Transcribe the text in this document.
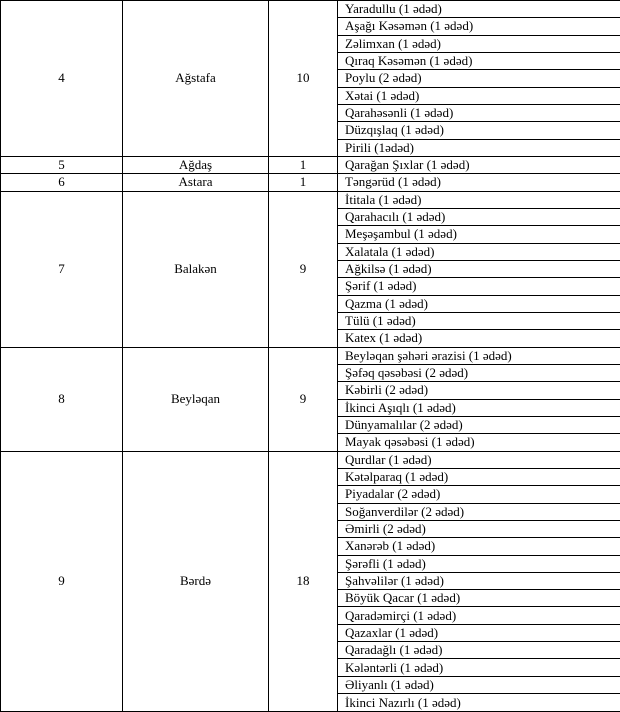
4	Ağstafa	10	Yaradullu (1 ədəd)
			Aşağı Kəsəmən (1 ədəd)
			Zəlimxan (1 ədəd)
			Qıraq Kəsəmən (1 ədəd)
			Poylu (2 ədəd)
			Xətai (1 ədəd)
			Qarahəsənli (1 ədəd)
			Düzqışlaq (1 ədəd)
			Pirili (1ədəd)
5	Ağdaş	1	Qarağan Şıxlar (1 ədəd)
6	Astara	1	Təngərüd (1 ədəd)
7	Balakən	9	İtitala (1 ədəd)
			Qarahacılı (1 ədəd)
			Meşəşambul (1 ədəd)
			Xalatala (1 ədəd)
			Ağkilsə (1 ədəd)
			Şərif (1 ədəd)
			Qazma (1 ədəd)
			Tülü (1 ədəd)
			Katex (1 ədəd)
8	Beyləqan	9	Beyləqan şəhəri ərazisi (1 ədəd)
			Şəfəq qəsəbəsi (2 ədəd)
			Kəbirli (2 ədəd)
			İkinci Aşıqlı (1 ədəd)
			Dünyamalılar (2 ədəd)
			Mayak qəsəbəsi (1 ədəd)
9	Bərdə	18	Qurdlar (1 ədəd)
			Kətəlparaq (1 ədəd)
			Piyadalar (2 ədəd)
			Soğanverdilər (2 ədəd)
			Əmirli (2 ədəd)
			Xanərəb (1 ədəd)
			Şərəfli (1 ədəd)
			Şahvəlilər (1 ədəd)
			Böyük Qacar (1 ədəd)
			Qaradəmirçi (1 ədəd)
			Qazaxlar (1 ədəd)
			Qaradağlı (1 ədəd)
			Kələntərli (1 ədəd)
			Əliyanlı (1 ədəd)
			İkinci Nazırlı (1 ədəd)
